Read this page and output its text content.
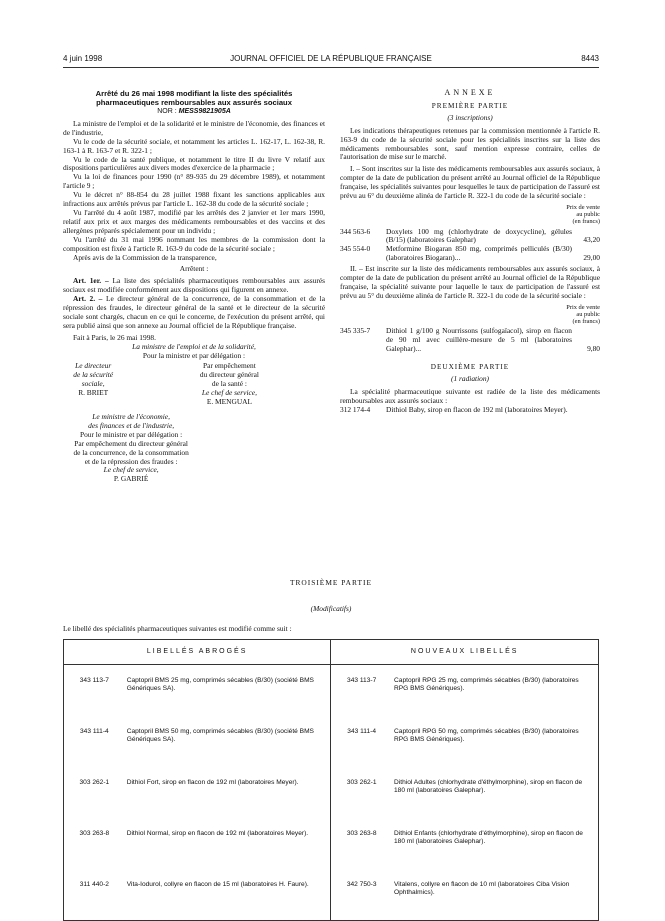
4 juin 1998	JOURNAL OFFICIEL DE LA RÉPUBLIQUE FRANÇAISE	8443
Arrêté du 26 mai 1998 modifiant la liste des spécialités pharmaceutiques remboursables aux assurés sociaux
NOR : MESS9821905A

La ministre de l'emploi et de la solidarité et le ministre de l'économie, des finances et de l'industrie,

Vu le code de la sécurité sociale, et notamment les articles L. 162-17, L. 162-38, R. 163-1 à R. 163-7 et R. 322-1 ;

Vu le code de la santé publique, et notamment le titre II du livre V relatif aux dispositions particulières aux divers modes d'exercice de la pharmacie ;

Vu la loi de finances pour 1990 (n° 89-935 du 29 décembre 1989), et notamment l'article 9 ;

Vu le décret n° 88-854 du 28 juillet 1988 fixant les sanctions applicables aux infractions aux arrêtés prévus par l'article L. 162-38 du code de la sécurité sociale ;

Vu l'arrêté du 4 août 1987, modifié par les arrêtés des 2 janvier et 1er mars 1990, relatif aux prix et aux marges des médicaments remboursables et des vaccins et des allergènes préparés spécialement pour un individu ;

Vu l'arrêté du 31 mai 1996 nommant les membres de la commission dont la composition est fixée à l'article R. 163-9 du code de la sécurité sociale ;

Après avis de la Commission de la transparence,

Arrêtent :

Art. 1er. – La liste des spécialités pharmaceutiques remboursables aux assurés sociaux est modifiée conformément aux dispositions qui figurent en annexe.

Art. 2. – Le directeur général de la concurrence, de la consommation et de la répression des fraudes, le directeur général de la santé et le directeur de la sécurité sociale sont chargés, chacun en ce qui le concerne, de l'exécution du présent arrêté, qui sera publié ainsi que son annexe au Journal officiel de la République française.

Fait à Paris, le 26 mai 1998.

La ministre de l'emploi et de la solidarité,

Pour la ministre et par délégation :

Le directeur
de la sécurité sociale,
R. BRIET
Par empêchement du directeur général
de la santé :
Le chef de service,
E. MENGUAL
Le ministre de l'économie,
des finances et de l'industrie,
Pour le ministre et par délégation :
Par empêchement du directeur général
de la concurrence, de la consommation
et de la répression des fraudes :
Le chef de service,
P. GABRIÉ
ANNEXE
PREMIÈRE PARTIE
(3 inscriptions)

Les indications thérapeutiques retenues par la commission mentionnée à l'article R. 163-9 du code de la sécurité sociale pour les spécialités inscrites sur la liste des médicaments remboursables sont, sauf mention expresse contraire, celles de l'autorisation de mise sur le marché.

I. – Sont inscrites sur la liste des médicaments remboursables aux assurés sociaux, à compter de la date de publication du présent arrêté au Journal officiel de la République française, les spécialités suivantes pour lesquelles le taux de participation de l'assuré est prévu au 6° du deuxième alinéa de l'article R. 322-1 du code de la sécurité sociale :

Prix de vente
au public
(en francs)
344 563-6	Doxylets 100 mg (chlorhydrate de doxycycline), gélules (B/15) (laboratoires Galephar)	43,20
345 554-0	Metformine Biogaran 850 mg, comprimés pelliculés (B/30) (laboratoires Biogaran)...	29,00

II. – Est inscrite sur la liste des médicaments remboursables aux assurés sociaux, à compter de la date de publication du présent arrêté au Journal officiel de la République française, la spécialité suivante pour laquelle le taux de participation de l'assuré est prévu au 5° du deuxième alinéa de l'article R. 322-1 du code de la sécurité sociale :

Prix de vente
au public
(en francs)
345 335-7	Dithiol 1 g/100 g Nourrissons (sulfogaïacol), sirop en flacon de 90 ml avec cuillère-mesure de 5 ml (laboratoires Galephar)...	9,80
DEUXIÈME PARTIE
(1 radiation)

La spécialité pharmaceutique suivante est radiée de la liste des médicaments remboursables aux assurés sociaux :

312 174-4	Dithiol Baby, sirop en flacon de 192 ml (laboratoires Meyer).
TROISIÈME PARTIE
(Modificatifs)
Le libellé des spécialités pharmaceutiques suivantes est modifié comme suit :
LIBELLÉS ABROGÉS		NOUVEAUX LIBELLÉS	
343 113-7	Captopril BMS 25 mg, comprimés sécables (B/30) (société BMS Génériques SA).	343 113-7	Captopril RPG 25 mg, comprimés sécables (B/30) (laboratoires RPG BMS Génériques).
343 111-4	Captopril BMS 50 mg, comprimés sécables (B/30) (société BMS Génériques SA).	343 111-4	Captopril RPG 50 mg, comprimés sécables (B/30) (laboratoires RPG BMS Génériques).
303 262-1	Dithiol Fort, sirop en flacon de 192 ml (laboratoires Meyer).	303 262-1	Dithiol Adultes (chlorhydrate d'éthylmorphine), sirop en flacon de 180 ml (laboratoires Galephar).
303 263-8	Dithiol Normal, sirop en flacon de 192 ml (laboratoires Meyer).	303 263-8	Dithiol Enfants (chlorhydrate d'éthylmorphine), sirop en flacon de 180 ml (laboratoires Galephar).
311 440-2	Vita-Iodurol, collyre en flacon de 15 ml (laboratoires H. Faure).	342 750-3	Vitalens, collyre en flacon de 10 ml (laboratoires Ciba Vision Ophthalmics).
